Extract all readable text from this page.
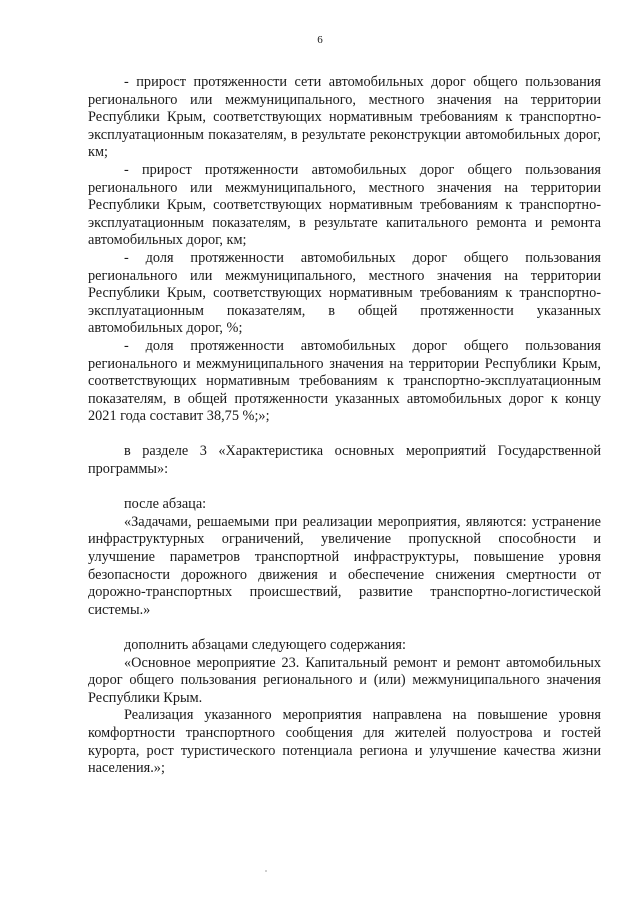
6

- прирост протяженности сети автомобильных дорог общего пользования регионального или межмуниципального, местного значения на территории Республики Крым, соответствующих нормативным требованиям к транспортно-эксплуатационным показателям, в результате реконструкции автомобильных дорог, км;

- прирост протяженности автомобильных дорог общего пользования регионального или межмуниципального, местного значения на территории Республики Крым, соответствующих нормативным требованиям к транспортно-эксплуатационным показателям, в результате капитального ремонта и ремонта автомобильных дорог, км;

- доля протяженности автомобильных дорог общего пользования регионального или межмуниципального, местного значения на территории Республики Крым, соответствующих нормативным требованиям к транспортно-эксплуатационным показателям, в общей протяженности указанных автомобильных дорог, %;

- доля протяженности автомобильных дорог общего пользования регионального и межмуниципального значения на территории Республики Крым, соответствующих нормативным требованиям к транспортно-эксплуатационным показателям, в общей протяженности указанных автомобильных дорог к концу 2021 года составит 38,75 %;»;

в разделе 3 «Характеристика основных мероприятий Государственной программы»:

после абзаца:

«Задачами, решаемыми при реализации мероприятия, являются: устранение инфраструктурных ограничений, увеличение пропускной способности и улучшение параметров транспортной инфраструктуры, повышение уровня безопасности дорожного движения и обеспечение снижения смертности от дорожно-транспортных происшествий, развитие транспортно-логистической системы.»

дополнить абзацами следующего содержания:

«Основное мероприятие 23. Капитальный ремонт и ремонт автомобильных дорог общего пользования регионального и (или) межмуниципального значения Республики Крым.

Реализация указанного мероприятия направлена на повышение уровня комфортности транспортного сообщения для жителей полуострова и гостей курорта, рост туристического потенциала региона и улучшение качества жизни населения.»;
